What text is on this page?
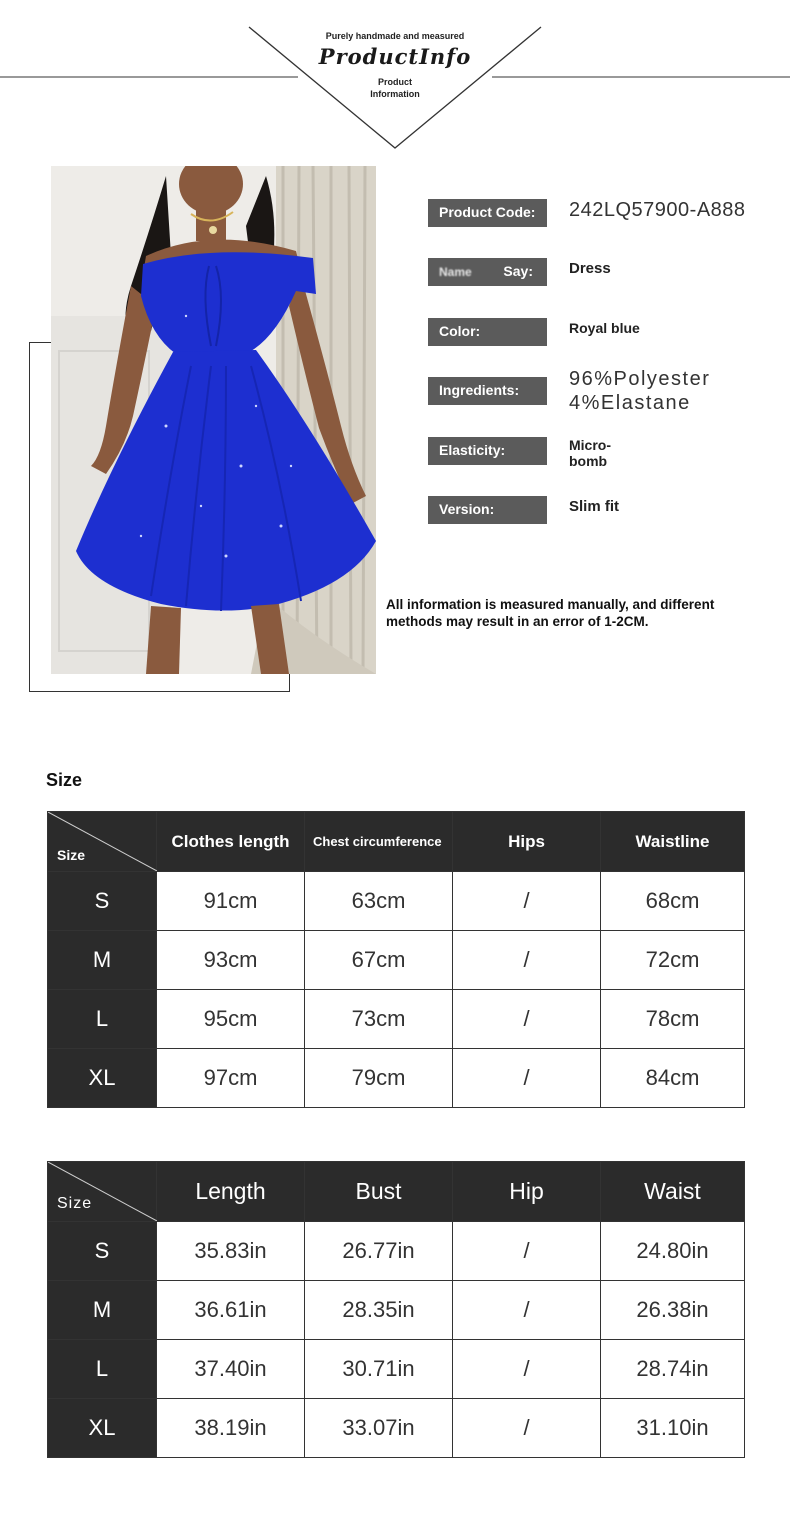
Purely handmade and measured
ProductInfo
Product
Information
Product Code:	242LQ57900-A888
Name Say: Dress
Color:	Royal blue
Ingredients:	96%Polyester
4%Elastane
Elasticity:	Micro-
bomb
Version:	Slim fit
All information is measured manually, and different methods may result in an error of 1-2CM.
Size
Size	Clothes length	Chest circumference	Hips	Waistline
S	91cm	63cm	/	68cm
M	93cm	67cm	/	72cm
L	95cm	73cm	/	78cm
XL	97cm	79cm	/	84cm
Size	Length	Bust	Hip	Waist
S	35.83in	26.77in	/	24.80in
M	36.61in	28.35in	/	26.38in
L	37.40in	30.71in	/	28.74in
XL	38.19in	33.07in	/	31.10in
